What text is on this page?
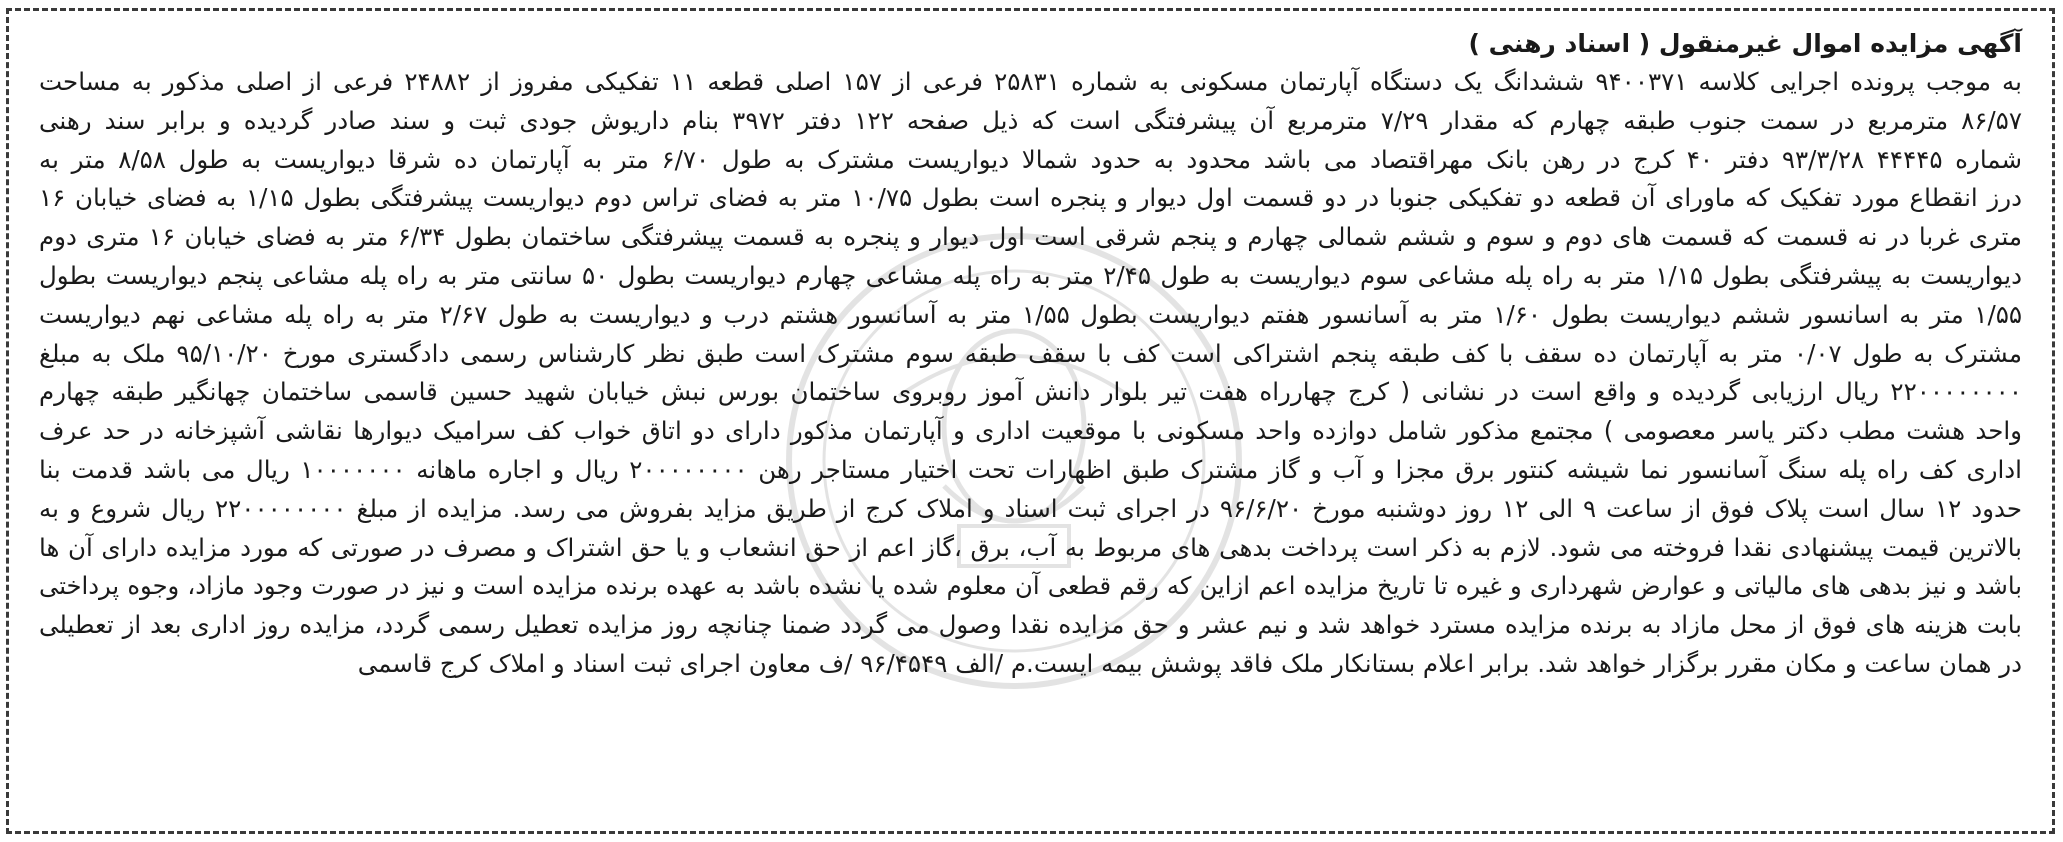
آگهی مزایده اموال غیرمنقول ( اسناد رهنی )
به موجب پرونده اجرایی کلاسه ۹۴۰۰۳۷۱ ششدانگ یک دستگاه آپارتمان مسکونی به شماره ۲۵۸۳۱ فرعی از ۱۵۷ اصلی قطعه ۱۱ تفکیکی مفروز از ۲۴۸۸۲ فرعی از اصلی مذکور به مساحت
۸۶/۵۷ مترمربع در سمت جنوب طبقه چهارم که مقدار ۷/۲۹ مترمربع آن پیشرفتگی است که ذیل صفحه ۱۲۲ دفتر ۳۹۷۲ بنام داریوش جودی ثبت و سند صادر گردیده و برابر سند رهنی
شماره ۴۴۴۴۵ ۹۳/۳/۲۸ دفتر ۴۰ کرج در رهن بانک مهراقتصاد می باشد محدود به حدود شمالا دیواریست مشترک به طول ۶/۷۰ متر به آپارتمان ده شرقا دیواریست به طول ۸/۵۸ متر به
درز انقطاع مورد تفکیک که ماورای آن قطعه دو تفکیکی جنوبا در دو قسمت اول دیوار و پنجره است بطول ۱۰/۷۵ متر به فضای تراس دوم دیواریست پیشرفتگی بطول ۱/۱۵ به فضای خیابان ۱۶
متری غربا در نه قسمت که قسمت های دوم و سوم و ششم شمالی چهارم و پنجم شرقی است اول دیوار و پنجره به قسمت پیشرفتگی ساختمان بطول ۶/۳۴ متر به فضای خیابان ۱۶ متری دوم
دیواریست به پیشرفتگی بطول ۱/۱۵ متر به راه پله مشاعی سوم دیواریست به طول ۲/۴۵ متر به راه پله مشاعی چهارم دیواریست بطول ۵۰ سانتی متر به راه پله مشاعی پنجم دیواریست بطول
۱/۵۵ متر به اسانسور ششم دیواریست بطول ۱/۶۰ متر به آسانسور هفتم دیواریست بطول ۱/۵۵ متر به آسانسور هشتم درب و دیواریست به طول ۲/۶۷ متر به راه پله مشاعی نهم دیواریست
مشترک به طول ۰/۰۷ متر به آپارتمان ده سقف با کف طبقه پنجم اشتراکی است کف با سقف طبقه سوم مشترک است طبق نظر کارشناس رسمی دادگستری مورخ ۹۵/۱۰/۲۰ ملک به مبلغ
۲۲۰۰۰۰۰۰۰۰ ریال ارزیابی گردیده و واقع است در نشانی ( کرج چهارراه هفت تیر بلوار دانش آموز روبروی ساختمان بورس نبش خیابان شهید حسین قاسمی ساختمان چهانگیر طبقه چهارم
واحد هشت مطب دکتر یاسر معصومی ) مجتمع مذکور شامل دوازده واحد مسکونی با موقعیت اداری و آپارتمان مذکور دارای دو اتاق خواب کف سرامیک دیوارها نقاشی آشپزخانه در حد عرف
اداری کف راه پله سنگ آسانسور نما شیشه کنتور برق مجزا و آب و گاز مشترک طبق اظهارات تحت اختیار مستاجر رهن ۲۰۰۰۰۰۰۰۰ ریال و اجاره ماهانه ۱۰۰۰۰۰۰۰ ریال می باشد قدمت بنا
حدود ۱۲ سال است پلاک فوق از ساعت ۹ الی ۱۲ روز دوشنبه مورخ ۹۶/۶/۲۰ در اجرای ثبت اسناد و املاک کرج از طریق مزاید بفروش می رسد. مزایده از مبلغ ۲۲۰۰۰۰۰۰۰۰ ریال شروع و به
بالاترین قیمت پیشنهادی نقدا فروخته می شود. لازم به ذکر است پرداخت بدهی های مربوط به آب، برق ،گاز اعم از حق انشعاب و یا حق اشتراک و مصرف در صورتی که مورد مزایده دارای آن ها
باشد و نیز بدهی های مالیاتی و عوارض شهرداری و غیره تا تاریخ مزایده اعم ازاین که رقم قطعی آن معلوم شده یا نشده باشد به عهده برنده مزایده است و نیز در صورت وجود مازاد، وجوه پرداختی
بابت هزینه های فوق از محل مازاد به برنده مزایده مسترد خواهد شد و نیم عشر و حق مزایده نقدا وصول می گردد ضمنا چنانچه روز مزایده تعطیل رسمی گردد، مزایده روز اداری بعد از تعطیلی
در همان ساعت و مکان مقرر برگزار خواهد شد. برابر اعلام بستانکار ملک فاقد پوشش بیمه ایست.م /الف ۹۶/۴۵۴۹ /ف معاون اجرای ثبت اسناد و املاک کرج قاسمی
